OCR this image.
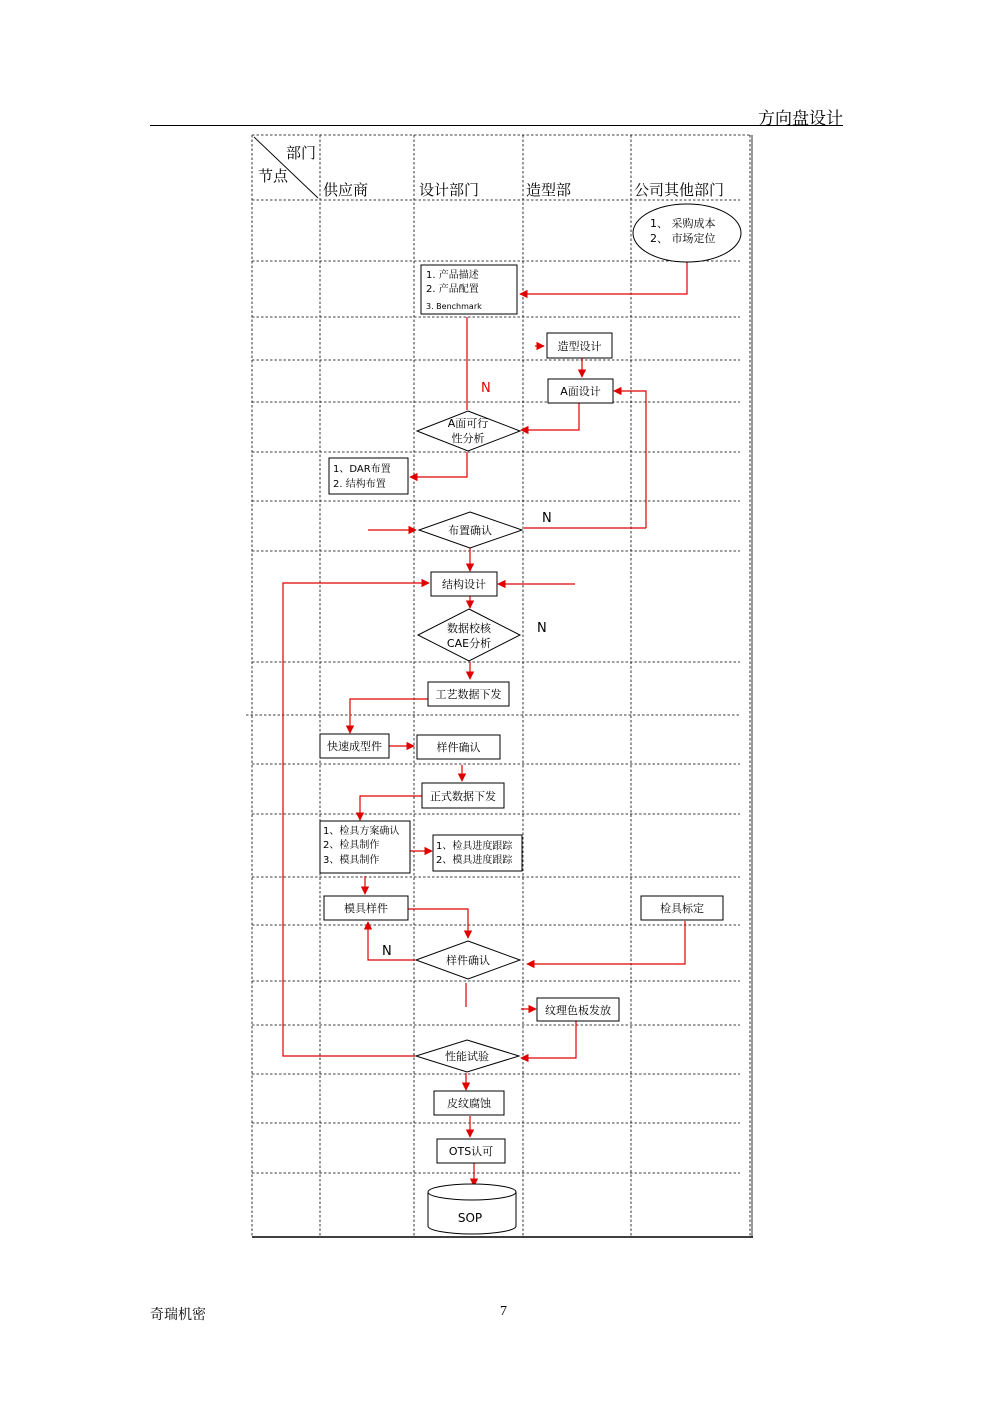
方向盘设计
部门
节点
供应商	设计部门	造型部	公司其他部门
1、 采购成本
2、 市场定位
1. 产品描述
2. 产品配置
3. Benchmark
造型设计
A面设计
A面可行
性分析
1、DAR布置
2. 结构布置
布置确认
结构设计
数据校核
CAE分析
工艺数据下发
快速成型件	样件确认
正式数据下发
1、检具方案确认
2、检具制作
3、模具制作
1、检具进度跟踪
2、模具进度跟踪
模具样件	检具标定
样件确认
纹理色板发放
性能试验
皮纹腐蚀
OTS认可
SOP
N
N
N
N
奇瑞机密	7
